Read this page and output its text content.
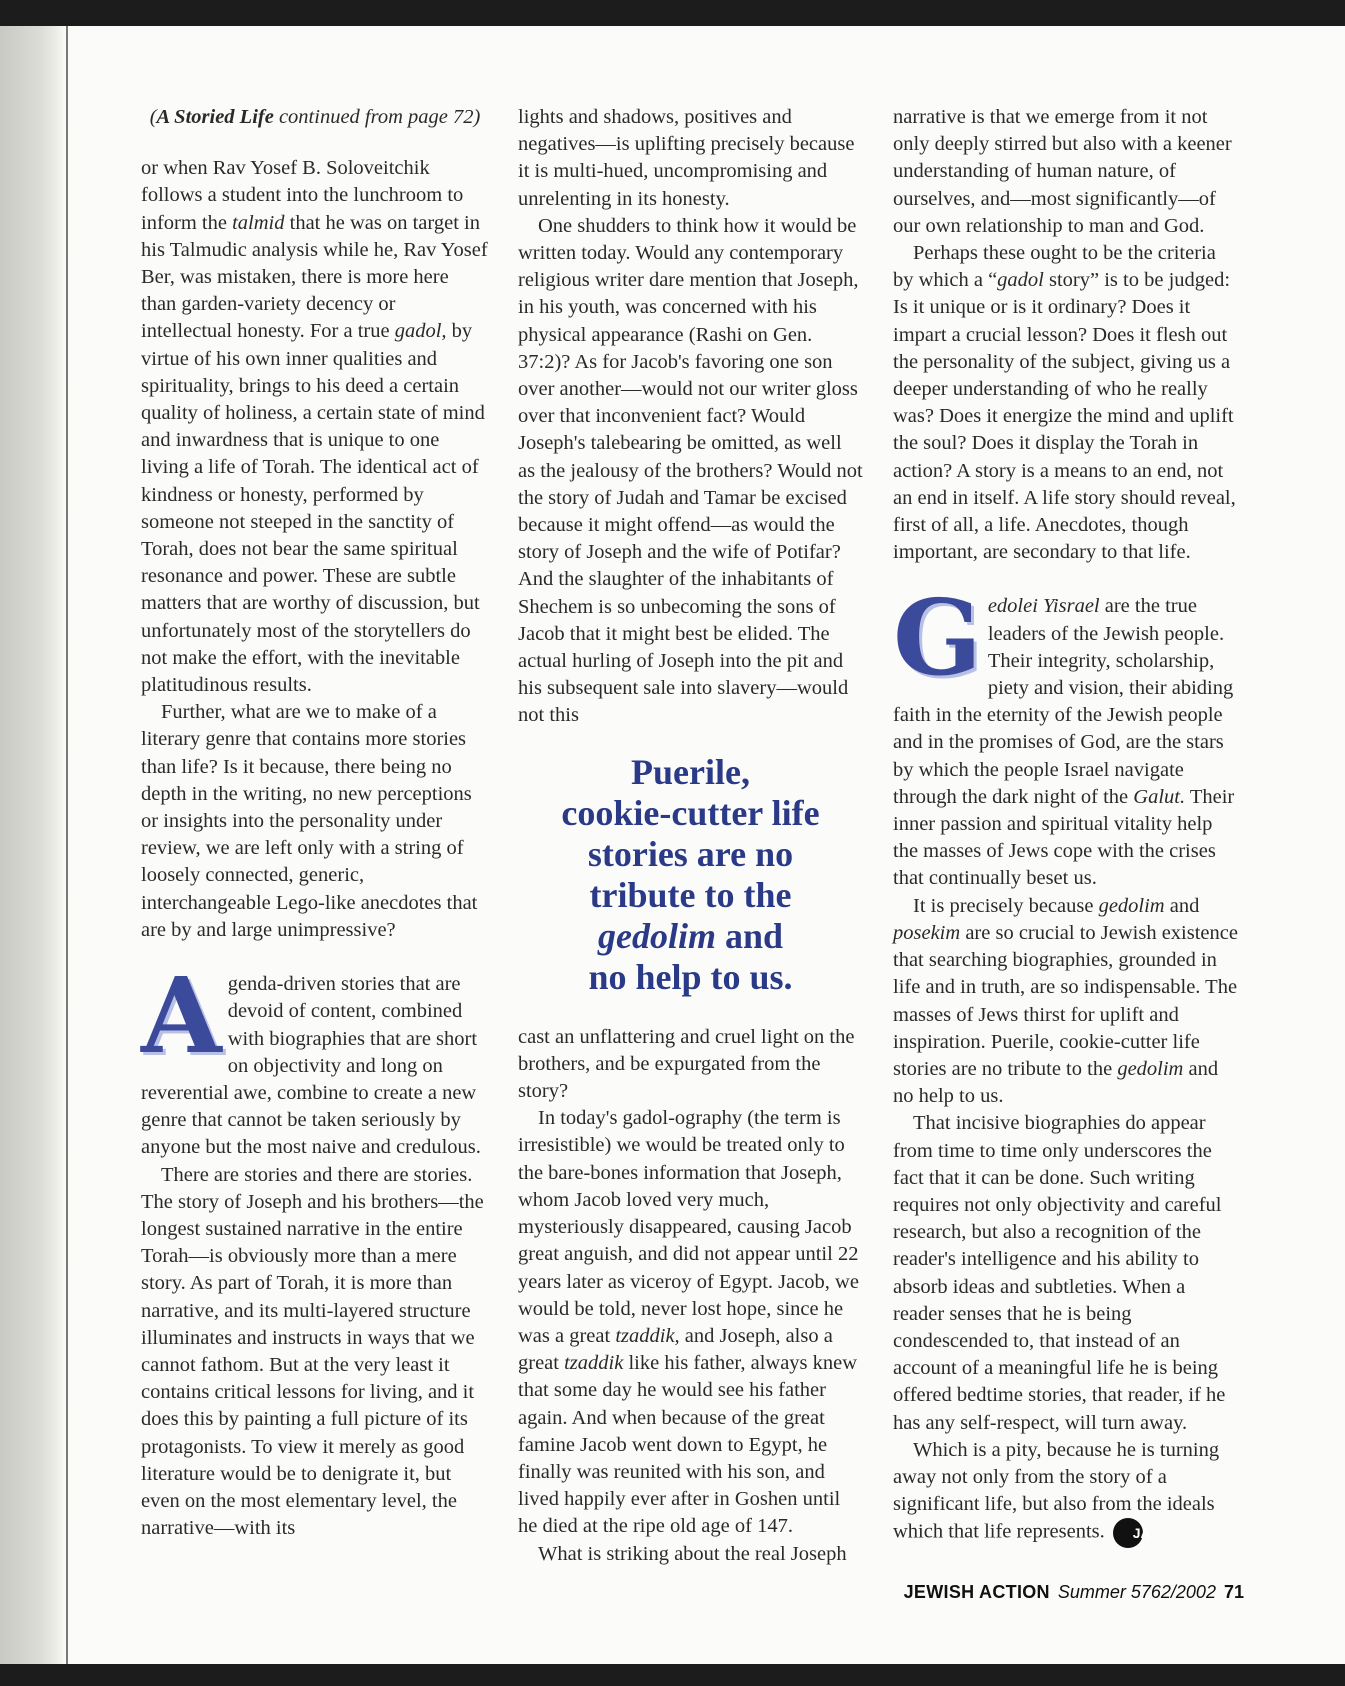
(A Storied Life continued from page 72)

or when Rav Yosef B. Soloveitchik follows a student into the lunchroom to inform the talmid that he was on target in his Talmudic analysis while he, Rav Yosef Ber, was mistaken, there is more here than garden-variety decency or intellectual honesty. For a true gadol, by virtue of his own inner qualities and spirituality, brings to his deed a certain quality of holiness, a certain state of mind and inwardness that is unique to one living a life of Torah. The identical act of kindness or honesty, performed by someone not steeped in the sanctity of Torah, does not bear the same spiritual resonance and power. These are subtle matters that are worthy of discussion, but unfortunately most of the storytellers do not make the effort, with the inevitable platitudinous results.

Further, what are we to make of a literary genre that contains more stories than life? Is it because, there being no depth in the writing, no new perceptions or insights into the personality under review, we are left only with a string of loosely connected, generic, interchangeable Lego-like anecdotes that are by and large unimpressive?

Agenda-driven stories that are devoid of content, combined with biographies that are short on objectivity and long on reverential awe, combine to create a new genre that cannot be taken seriously by anyone but the most naive and credulous.

There are stories and there are stories. The story of Joseph and his brothers—the longest sustained narrative in the entire Torah—is obviously more than a mere story. As part of Torah, it is more than narrative, and its multi-layered structure illuminates and instructs in ways that we cannot fathom. But at the very least it contains critical lessons for living, and it does this by painting a full picture of its protagonists. To view it merely as good literature would be to denigrate it, but even on the most elementary level, the narrative—with its

lights and shadows, positives and negatives—is uplifting precisely because it is multi-hued, uncompromising and unrelenting in its honesty.

One shudders to think how it would be written today. Would any contemporary religious writer dare mention that Joseph, in his youth, was concerned with his physical appearance (Rashi on Gen. 37:2)? As for Jacob's favoring one son over another—would not our writer gloss over that inconvenient fact? Would Joseph's talebearing be omitted, as well as the jealousy of the brothers? Would not the story of Judah and Tamar be excised because it might offend—as would the story of Joseph and the wife of Potifar? And the slaughter of the inhabitants of Shechem is so unbecoming the sons of Jacob that it might best be elided. The actual hurling of Joseph into the pit and his subsequent sale into slavery—would not this

Puerile,
cookie-cutter life
stories are no
tribute to the
gedolim and
no help to us.

cast an unflattering and cruel light on the brothers, and be expurgated from the story?

In today's gadol-ography (the term is irresistible) we would be treated only to the bare-bones information that Joseph, whom Jacob loved very much, mysteriously disappeared, causing Jacob great anguish, and did not appear until 22 years later as viceroy of Egypt. Jacob, we would be told, never lost hope, since he was a great tzaddik, and Joseph, also a great tzaddik like his father, always knew that some day he would see his father again. And when because of the great famine Jacob went down to Egypt, he finally was reunited with his son, and lived happily ever after in Goshen until he died at the ripe old age of 147.

What is striking about the real Joseph

narrative is that we emerge from it not only deeply stirred but also with a keener understanding of human nature, of ourselves, and—most significantly—of our own relationship to man and God.

Perhaps these ought to be the criteria by which a “gadol story” is to be judged: Is it unique or is it ordinary? Does it impart a crucial lesson? Does it flesh out the personality of the subject, giving us a deeper understanding of who he really was? Does it energize the mind and uplift the soul? Does it display the Torah in action? A story is a means to an end, not an end in itself. A life story should reveal, first of all, a life. Anecdotes, though important, are secondary to that life.

Gedolei Yisrael are the true leaders of the Jewish people. Their integrity, scholarship, piety and vision, their abiding faith in the eternity of the Jewish people and in the promises of God, are the stars by which the people Israel navigate through the dark night of the Galut. Their inner passion and spiritual vitality help the masses of Jews cope with the crises that continually beset us.

It is precisely because gedolim and posekim are so crucial to Jewish existence that searching biographies, grounded in life and in truth, are so indispensable. The masses of Jews thirst for uplift and inspiration. Puerile, cookie-cutter life stories are no tribute to the gedolim and no help to us.

That incisive biographies do appear from time to time only underscores the fact that it can be done. Such writing requires not only objectivity and careful research, but also a recognition of the reader's intelligence and his ability to absorb ideas and subtleties. When a reader senses that he is being condescended to, that instead of an account of a meaningful life he is being offered bedtime stories, that reader, if he has any self-respect, will turn away.

Which is a pity, because he is turning away not only from the story of a significant life, but also from the ideals which that life represents. JA

JEWISH ACTION Summer 5762/2002 71
